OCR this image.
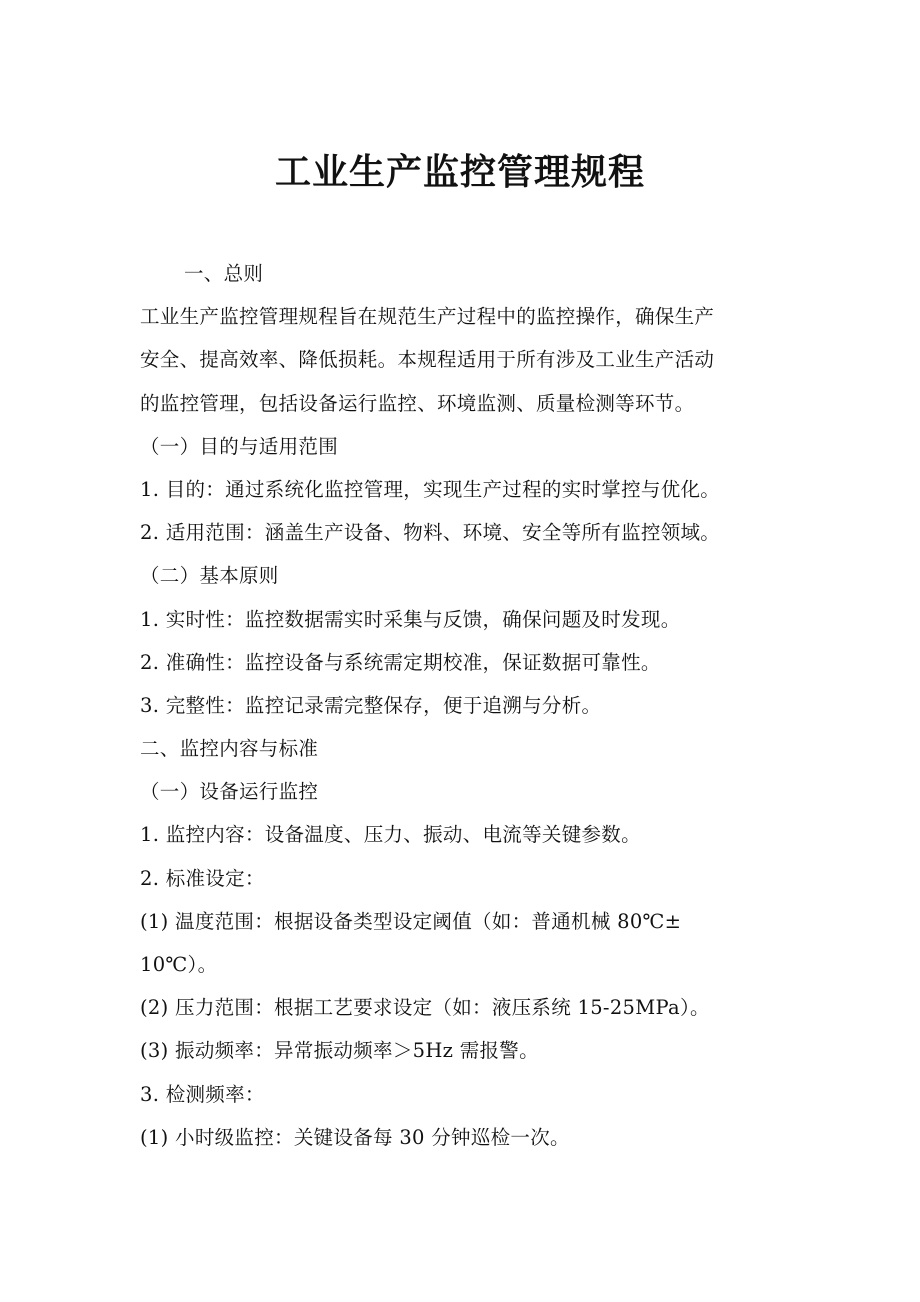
工业生产监控管理规程
一、总则
工业生产监控管理规程旨在规范生产过程中的监控操作，确保生产
安全、提高效率、降低损耗。本规程适用于所有涉及工业生产活动
的监控管理，包括设备运行监控、环境监测、质量检测等环节。
（一）目的与适用范围
1. 目的：通过系统化监控管理，实现生产过程的实时掌控与优化。
2. 适用范围：涵盖生产设备、物料、环境、安全等所有监控领域。
（二）基本原则
1. 实时性：监控数据需实时采集与反馈，确保问题及时发现。
2. 准确性：监控设备与系统需定期校准，保证数据可靠性。
3. 完整性：监控记录需完整保存，便于追溯与分析。
二、监控内容与标准
（一）设备运行监控
1. 监控内容：设备温度、压力、振动、电流等关键参数。
2. 标准设定：
(1) 温度范围：根据设备类型设定阈值（如：普通机械 80℃±
10℃）。
(2) 压力范围：根据工艺要求设定（如：液压系统 15-25MPa）。
(3) 振动频率：异常振动频率＞5Hz 需报警。
3. 检测频率：
(1) 小时级监控：关键设备每 30 分钟巡检一次。
